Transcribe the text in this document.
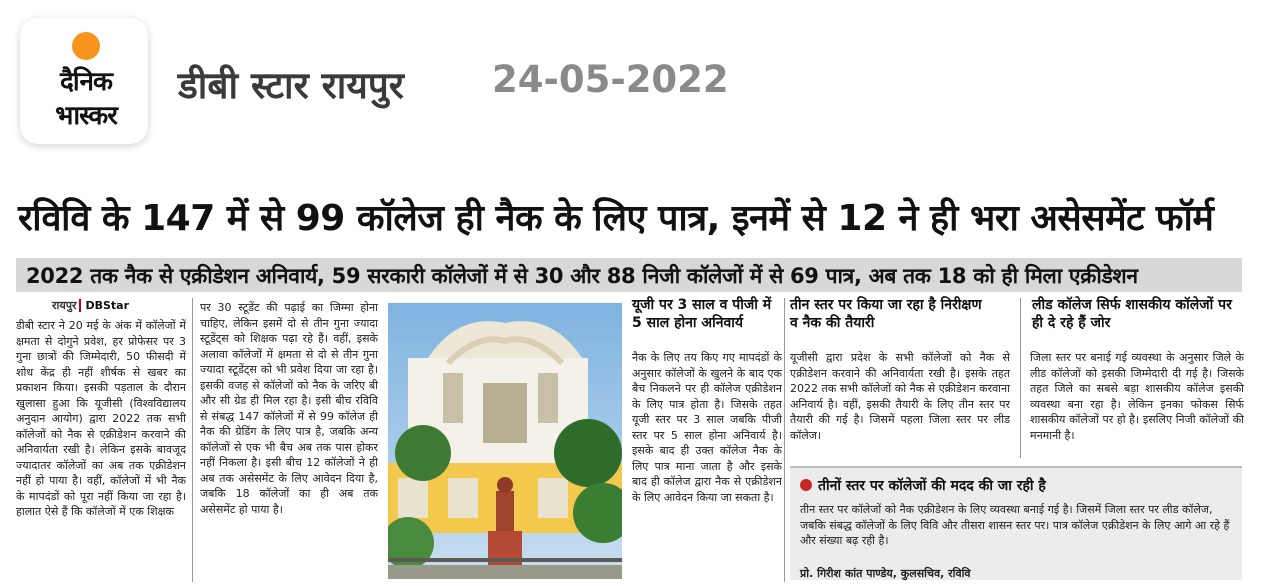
दैनिक
भास्कर
डीबी स्टार रायपुर 24-05-2022
रविवि के 147 में से 99 कॉलेज ही नैक के लिए पात्र, इनमें से 12 ने ही भरा असेसमेंट फॉर्म
2022 तक नैक से एक्रीडेशन अनिवार्य, 59 सरकारी कॉलेजों में से 30 और 88 निजी कॉलेजों में से 69 पात्र, अब तक 18 को ही मिला एक्रीडेशन
रायपुर DBStar
डीबी स्टार ने 20 मई के अंक में कॉलेजों में क्षमता से दोगुने प्रवेश, हर प्रोफेसर पर 3 गुना छात्रों की जिम्मेदारी, 50 फीसदी में शोध केंद्र ही नहीं शीर्षक से खबर का प्रकाशन किया। इसकी पड़ताल के दौरान खुलासा हुआ कि यूजीसी (विश्वविद्यालय अनुदान आयोग) द्वारा 2022 तक सभी कॉलेजों को नैक से एक्रीडेशन करवाने की अनिवार्यता रखी है। लेकिन इसके बावजूद ज्यादातर कॉलेजों का अब तक एक्रीडेशन नहीं हो पाया है। वहीं, कॉलेजों में भी नैक के मापदंडों को पूरा नहीं किया जा रहा है। हालात ऐसे हैं कि कॉलेजों में एक शिक्षक
पर 30 स्टूडेंट की पढ़ाई का जिम्मा होना चाहिए, लेकिन इसमें दो से तीन गुना ज्यादा स्टूडेंट्स को शिक्षक पढ़ा रहे हैं। वहीं, इसके अलावा कॉलेजों में क्षमता से दो से तीन गुना ज्यादा स्टूडेंट्स को भी प्रवेश दिया जा रहा है। इसकी वजह से कॉलेजों को नैक के जरिए बी और सी ग्रेड ही मिल रहा है। इसी बीच रविवि से संबद्ध 147 कॉलेजों में से 99 कॉलेज ही नैक की ग्रेडिंग के लिए पात्र है, जबकि अन्य कॉलेजों से एक भी बैच अब तक पास होकर नहीं निकला है। इसी बीच 12 कॉलेजों ने ही अब तक असेसमेंट के लिए आवेदन दिया है, जबकि 18 कॉलेजों का ही अब तक असेसमेंट हो पाया है।
यूजी पर 3 साल व पीजी में 5 साल होना अनिवार्य
नैक के लिए तय किए गए मापदंडों के अनुसार कॉलेजों के खुलने के बाद एक बैच निकलने पर ही कॉलेज एक्रीडेशन के लिए पात्र होता है। जिसके तहत यूजी स्तर पर 3 साल जबकि पीजी स्तर पर 5 साल होना अनिवार्य है। इसके बाद ही उक्त कॉलेज नैक के लिए पात्र माना जाता है और इसके बाद ही कॉलेज द्वारा नैक से एक्रीडेशन के लिए आवेदन किया जा सकता है।
तीन स्तर पर किया जा रहा है निरीक्षण व नैक की तैयारी
यूजीसी द्वारा प्रदेश के सभी कॉलेजों को नैक से एक्रीडेशन करवाने की अनिवार्यता रखी है। इसके तहत 2022 तक सभी कॉलेजों को नैक से एक्रीडेशन करवाना अनिवार्य है। वहीं, इसकी तैयारी के लिए तीन स्तर पर तैयारी की गई है। जिसमें पहला जिला स्तर पर लीड कॉलेज।
लीड कॉलेज सिर्फ शासकीय कॉलेजों पर ही दे रहे हैं जोर
जिला स्तर पर बनाई गई व्यवस्था के अनुसार जिले के लीड कॉलेजों को इसकी जिम्मेदारी दी गई है। जिसके तहत जिले का सबसे बड़ा शासकीय कॉलेज इसकी व्यवस्था बना रहा है। लेकिन इनका फोकस सिर्फ शासकीय कॉलेजों पर हो है। इसलिए निजी कॉलेजों की मनमानी है।
तीनों स्तर पर कॉलेजों की मदद की जा रही है
तीन स्तर पर कॉलेजों को नैक एक्रीडेशन के लिए व्यवस्था बनाई गई है। जिसमें जिला स्तर पर लीड कॉलेज, जबकि संबद्ध कॉलेजों के लिए विवि और तीसरा शासन स्तर पर। पात्र कॉलेज एक्रीडेशन के लिए आगे आ रहे हैं और संख्या बढ़ रही है।
प्रो. गिरीश कांत पाण्डेय, कुलसचिव, रविवि
